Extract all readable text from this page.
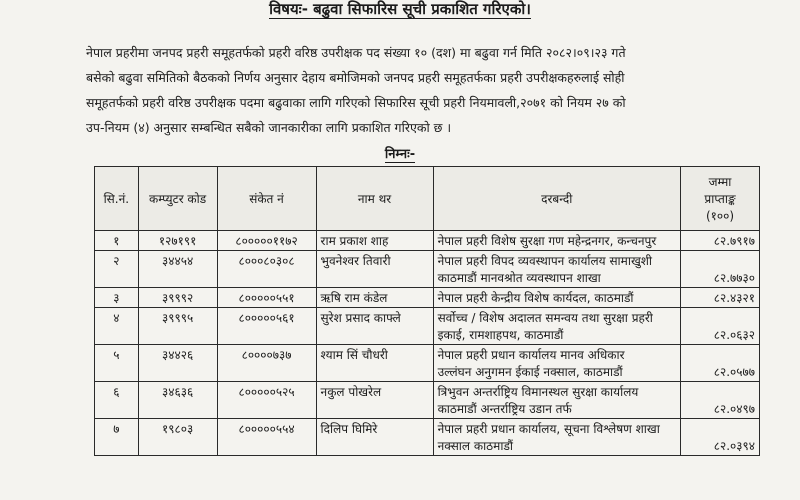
विषयः- बढुवा सिफारिस सूची प्रकाशित गरिएको।
नेपाल प्रहरीमा जनपद प्रहरी समूहतर्फको प्रहरी वरिष्ठ उपरीक्षक पद संख्या १० (दश) मा बढुवा गर्न मिति २०८२।०९।२३ गते
बसेको बढुवा समितिको बैठकको निर्णय अनुसार देहाय बमोजिमको जनपद प्रहरी समूहतर्फका प्रहरी उपरीक्षकहरुलाई सोही
समूहतर्फको प्रहरी वरिष्ठ उपरीक्षक पदमा बढुवाका लागि गरिएको सिफारिस सूची प्रहरी नियमावली,२०७१ को नियम २७ को
उप-नियम (४) अनुसार सम्बन्धित सबैको जानकारीका लागि प्रकाशित गरिएको छ ।
निम्नः-
सि.नं.	कम्प्युटर कोड	संकेत नं	नाम थर	दरबन्दी	जम्मा
प्राप्ताङ्क
(१००)

१	१२७१९१	८०००००११७२	राम प्रकाश शाह	नेपाल प्रहरी विशेष सुरक्षा गण महेन्द्रनगर, कन्चनपुर	८२.७९१७
२	३४४५४	८०००८०३०८	भुवनेश्वर तिवारी	नेपाल प्रहरी विपद व्यवस्थापन कार्यालय सामाखुशी
काठमाडौं मानवश्रोत व्यवस्थापन शाखा	८२.७७३०
३	३९९९२	८०००००५५१	ऋषि राम कंडेल	नेपाल प्रहरी केन्द्रीय विशेष कार्यदल, काठमाडौं	८२.४३२१
४	३९९९५	८०००००५६१	सुरेश प्रसाद काफ्ले	सर्वोच्च / विशेष अदालत समन्वय तथा सुरक्षा प्रहरी
इकाई, रामशाहपथ, काठमाडौं	८२.०६३२
५	३४४२६	८००००७३७	श्याम सिं चौधरी	नेपाल प्रहरी प्रधान कार्यालय मानव अधिकार
उल्लंघन अनुगमन ईकाई नक्साल, काठमाडौं	८२.०५७७
६	३४६३६	८०००००५२५	नकुल पोखरेल	त्रिभुवन अन्तर्राष्ट्रिय विमानस्थल सुरक्षा कार्यालय
काठमाडौं अन्तर्राष्ट्रिय उडान तर्फ	८२.०४९७
७	१९८०३	८०००००५५४	दिलिप घिमिरे	नेपाल प्रहरी प्रधान कार्यालय, सूचना विश्लेषण शाखा
नक्साल काठमाडौं	८२.०३९४
